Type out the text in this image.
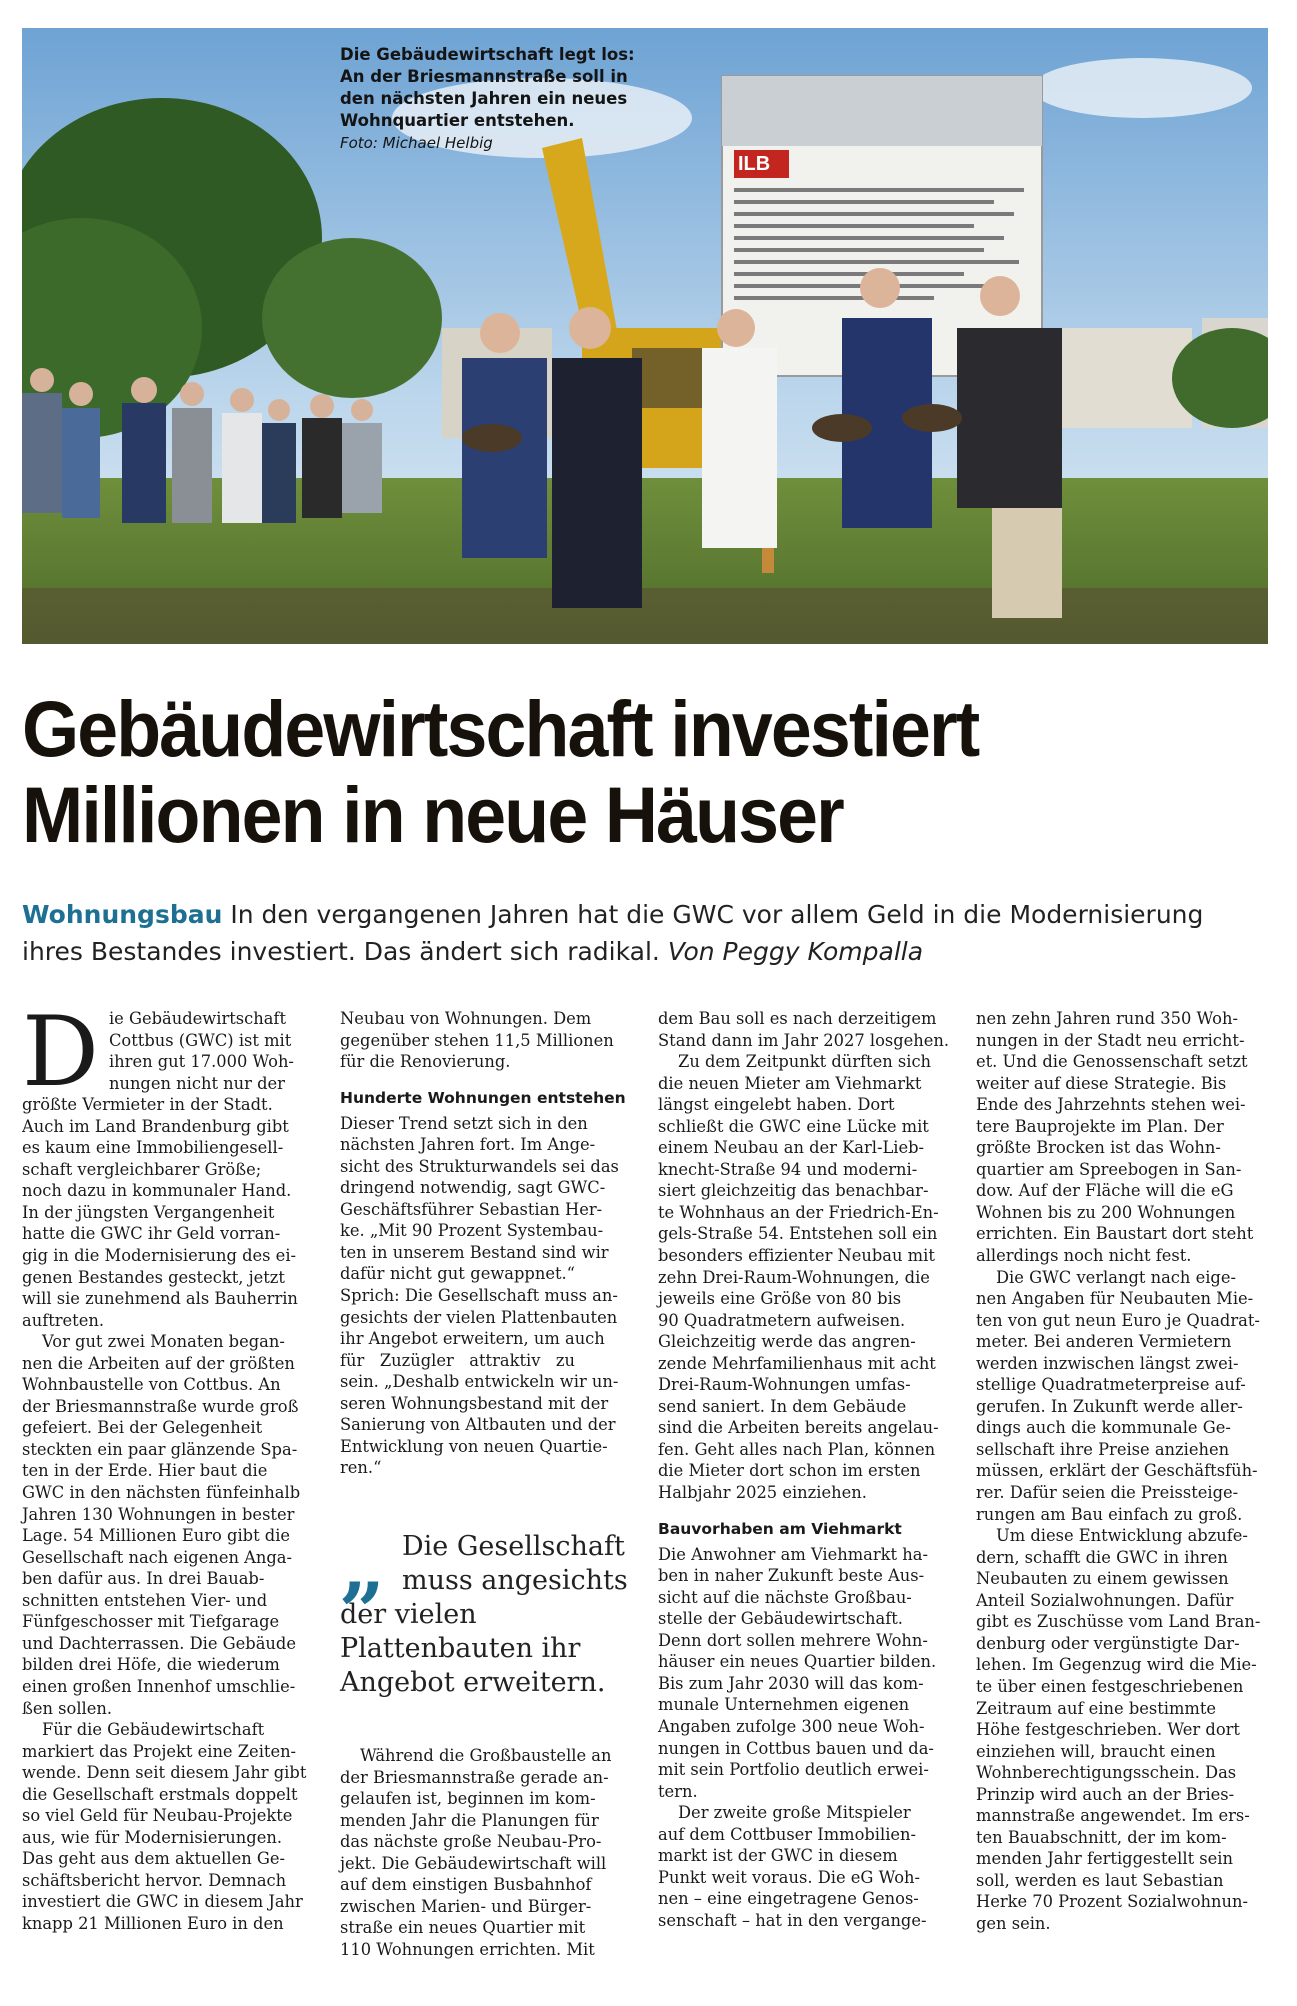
ILB
Die Gebäudewirtschaft legt los:
An der Briesmannstraße soll in
den nächsten Jahren ein neues
Wohnquartier entstehen.
Foto: Michael Helbig
Gebäudewirtschaft investiert
Millionen in neue Häuser
Wohnungsbau In den vergangenen Jahren hat die GWC vor allem Geld in die Modernisierung
ihres Bestandes investiert. Das ändert sich radikal. Von Peggy Kompalla
D ie Gebäudewirtschaft
Cottbus (GWC) ist mit
ihren gut 17.000 Woh-
nungen nicht nur der
größte Vermieter in der Stadt.
Auch im Land Brandenburg gibt
es kaum eine Immobiliengesell-
schaft vergleichbarer Größe;
noch dazu in kommunaler Hand.
In der jüngsten Vergangenheit
hatte die GWC ihr Geld vorran-
gig in die Modernisierung des ei-
genen Bestandes gesteckt, jetzt
will sie zunehmend als Bauherrin
auftreten.
Vor gut zwei Monaten began-
nen die Arbeiten auf der größten
Wohnbaustelle von Cottbus. An
der Briesmannstraße wurde groß
gefeiert. Bei der Gelegenheit
steckten ein paar glänzende Spa-
ten in der Erde. Hier baut die
GWC in den nächsten fünfeinhalb
Jahren 130 Wohnungen in bester
Lage. 54 Millionen Euro gibt die
Gesellschaft nach eigenen Anga-
ben dafür aus. In drei Bauab-
schnitten entstehen Vier- und
Fünfgeschosser mit Tiefgarage
und Dachterrassen. Die Gebäude
bilden drei Höfe, die wiederum
einen großen Innenhof umschlie-
ßen sollen.
Für die Gebäudewirtschaft
markiert das Projekt eine Zeiten-
wende. Denn seit diesem Jahr gibt
die Gesellschaft erstmals doppelt
so viel Geld für Neubau-Projekte
aus, wie für Modernisierungen.
Das geht aus dem aktuellen Ge-
schäftsbericht hervor. Demnach
investiert die GWC in diesem Jahr
knapp 21 Millionen Euro in den
Neubau von Wohnungen. Dem
gegenüber stehen 11,5 Millionen
für die Renovierung.
Hunderte Wohnungen entstehen
Dieser Trend setzt sich in den
nächsten Jahren fort. Im Ange-
sicht des Strukturwandels sei das
dringend notwendig, sagt GWC-
Geschäftsführer Sebastian Her-
ke. „Mit 90 Prozent Systembau-
ten in unserem Bestand sind wir
dafür nicht gut gewappnet.“
Sprich: Die Gesellschaft muss an-
gesichts der vielen Plattenbauten
ihr Angebot erweitern, um auch
für Zuzügler attraktiv zu
sein. „Deshalb entwickeln wir un-
seren Wohnungsbestand mit der
Sanierung von Altbauten und der
Entwicklung von neuen Quartie-
ren.“
„ Die Gesellschaft
muss angesichts
der vielen
Plattenbauten ihr
Angebot erweitern.
Während die Großbaustelle an
der Briesmannstraße gerade an-
gelaufen ist, beginnen im kom-
menden Jahr die Planungen für
das nächste große Neubau-Pro-
jekt. Die Gebäudewirtschaft will
auf dem einstigen Busbahnhof
zwischen Marien- und Bürger-
straße ein neues Quartier mit
110 Wohnungen errichten. Mit
dem Bau soll es nach derzeitigem
Stand dann im Jahr 2027 losgehen.
Zu dem Zeitpunkt dürften sich
die neuen Mieter am Viehmarkt
längst eingelebt haben. Dort
schließt die GWC eine Lücke mit
einem Neubau an der Karl-Lieb-
knecht-Straße 94 und moderni-
siert gleichzeitig das benachbar-
te Wohnhaus an der Friedrich-En-
gels-Straße 54. Entstehen soll ein
besonders effizienter Neubau mit
zehn Drei-Raum-Wohnungen, die
jeweils eine Größe von 80 bis
90 Quadratmetern aufweisen.
Gleichzeitig werde das angren-
zende Mehrfamilienhaus mit acht
Drei-Raum-Wohnungen umfas-
send saniert. In dem Gebäude
sind die Arbeiten bereits angelau-
fen. Geht alles nach Plan, können
die Mieter dort schon im ersten
Halbjahr 2025 einziehen.
Bauvorhaben am Viehmarkt
Die Anwohner am Viehmarkt ha-
ben in naher Zukunft beste Aus-
sicht auf die nächste Großbau-
stelle der Gebäudewirtschaft.
Denn dort sollen mehrere Wohn-
häuser ein neues Quartier bilden.
Bis zum Jahr 2030 will das kom-
munale Unternehmen eigenen
Angaben zufolge 300 neue Woh-
nungen in Cottbus bauen und da-
mit sein Portfolio deutlich erwei-
tern.
Der zweite große Mitspieler
auf dem Cottbuser Immobilien-
markt ist der GWC in diesem
Punkt weit voraus. Die eG Woh-
nen – eine eingetragene Genos-
senschaft – hat in den vergange-
nen zehn Jahren rund 350 Woh-
nungen in der Stadt neu erricht-
et. Und die Genossenschaft setzt
weiter auf diese Strategie. Bis
Ende des Jahrzehnts stehen wei-
tere Bauprojekte im Plan. Der
größte Brocken ist das Wohn-
quartier am Spreebogen in San-
dow. Auf der Fläche will die eG
Wohnen bis zu 200 Wohnungen
errichten. Ein Baustart dort steht
allerdings noch nicht fest.
Die GWC verlangt nach eige-
nen Angaben für Neubauten Mie-
ten von gut neun Euro je Quadrat-
meter. Bei anderen Vermietern
werden inzwischen längst zwei-
stellige Quadratmeterpreise auf-
gerufen. In Zukunft werde aller-
dings auch die kommunale Ge-
sellschaft ihre Preise anziehen
müssen, erklärt der Geschäftsfüh-
rer. Dafür seien die Preissteige-
rungen am Bau einfach zu groß.
Um diese Entwicklung abzufe-
dern, schafft die GWC in ihren
Neubauten zu einem gewissen
Anteil Sozialwohnungen. Dafür
gibt es Zuschüsse vom Land Bran-
denburg oder vergünstigte Dar-
lehen. Im Gegenzug wird die Mie-
te über einen festgeschriebenen
Zeitraum auf eine bestimmte
Höhe festgeschrieben. Wer dort
einziehen will, braucht einen
Wohnberechtigungsschein. Das
Prinzip wird auch an der Bries-
mannstraße angewendet. Im ers-
ten Bauabschnitt, der im kom-
menden Jahr fertiggestellt sein
soll, werden es laut Sebastian
Herke 70 Prozent Sozialwohnun-
gen sein.
